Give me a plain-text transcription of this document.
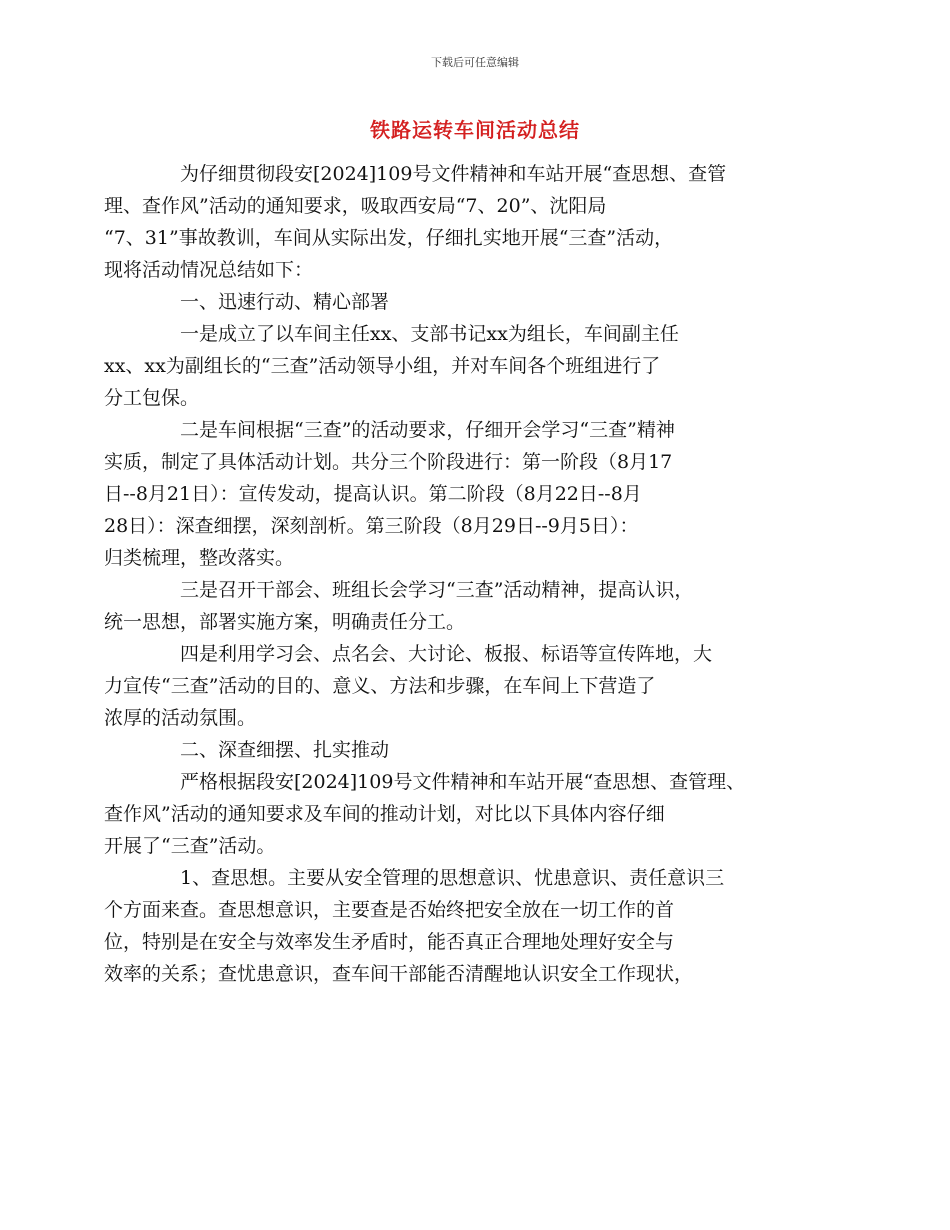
下载后可任意编辑
铁路运转车间活动总结

为仔细贯彻段安[2024]109号文件精神和车站开展“查思想、查管
理、查作风”活动的通知要求，吸取西安局“7、20”、沈阳局
“7、31”事故教训，车间从实际出发，仔细扎实地开展“三查”活动，
现将活动情况总结如下：

一、迅速行动、精心部署

一是成立了以车间主任xx、支部书记xx为组长，车间副主任
xx、xx为副组长的“三查”活动领导小组，并对车间各个班组进行了
分工包保。

二是车间根据“三查”的活动要求，仔细开会学习“三查”精神
实质，制定了具体活动计划。共分三个阶段进行：第一阶段（8月17
日--8月21日）：宣传发动，提高认识。第二阶段（8月22日--8月
28日）：深查细摆，深刻剖析。第三阶段（8月29日--9月5日）：
归类梳理，整改落实。

三是召开干部会、班组长会学习“三查”活动精神，提高认识，
统一思想，部署实施方案，明确责任分工。

四是利用学习会、点名会、大讨论、板报、标语等宣传阵地，大
力宣传“三查”活动的目的、意义、方法和步骤，在车间上下营造了
浓厚的活动氛围。

二、深查细摆、扎实推动

严格根据段安[2024]109号文件精神和车站开展“查思想、查管理、
查作风”活动的通知要求及车间的推动计划，对比以下具体内容仔细
开展了“三查”活动。

1、查思想。主要从安全管理的思想意识、忧患意识、责任意识三
个方面来查。查思想意识，主要查是否始终把安全放在一切工作的首
位，特别是在安全与效率发生矛盾时，能否真正合理地处理好安全与
效率的关系；查忧患意识，查车间干部能否清醒地认识安全工作现状，
